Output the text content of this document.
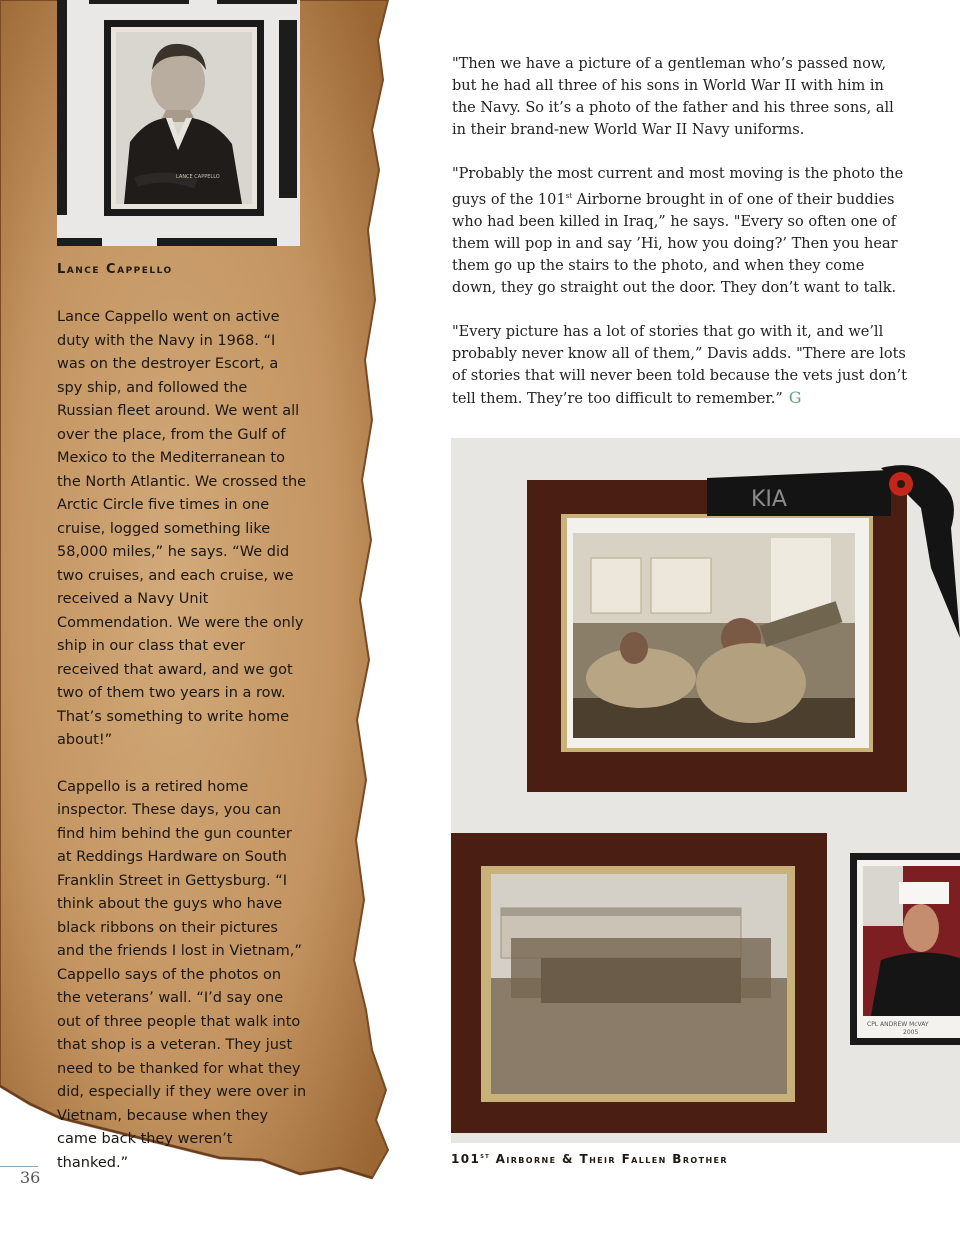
LANCE CAPPELLO
Lance Cappello

Lance Cappello went on active duty with the Navy in 1968. “I was on the destroyer Escort, a spy ship, and followed the Russian fleet around. We went all over the place, from the Gulf of Mexico to the Mediterranean to the North Atlantic. We crossed the Arctic Circle five times in one cruise, logged something like 58,000 miles,” he says. “We did two cruises, and each cruise, we received a Navy Unit Commendation. We were the only ship in our class that ever received that award, and we got two of them two years in a row. That’s something to write home about!”

Cappello is a retired home inspector. These days, you can find him behind the gun counter at Reddings Hardware on South Franklin Street in Gettysburg. “I think about the guys who have black ribbons on their pictures and the friends I lost in Vietnam,” Cappello says of the photos on the veterans’ wall. “I’d say one out of three people that walk into that shop is a veteran. They just need to be thanked for what they did, especially if they were over in Vietnam, because when they came back they weren’t thanked.”

"Then we have a picture of a gentleman who’s passed now, but he had all three of his sons in World War II with him in the Navy. So it’s a photo of the father and his three sons, all in their brand-new World War II Navy uniforms.

"Probably the most current and most moving is the photo the guys of the 101st Airborne brought in of one of their buddies who had been killed in Iraq,” he says. "Every so often one of them will pop in and say ’Hi, how you doing?’ Then you hear them go up the stairs to the photo, and when they come down, they go straight out the door. They don’t want to talk.

"Every picture has a lot of stories that go with it, and we’ll probably never know all of them,” Davis adds. "There are lots of stories that will never been told because the vets just don’t tell them. They’re too difficult to remember.” G

KIA
CPL ANDREW McVAY
2005
101st Airborne & Their Fallen Brother
36
